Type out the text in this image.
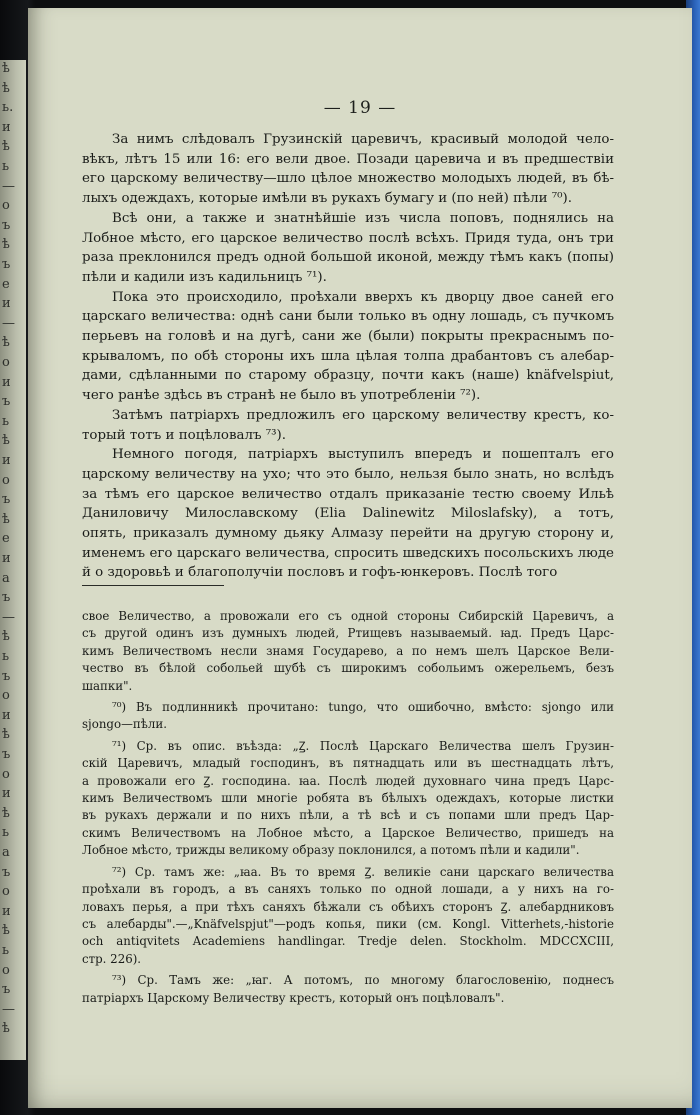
ѣ
ѣ
ь.
и
ѣ
ь
—
о
ъ
ѣ
ъ
е
и
—
ѣ
о
и
ъ
ь
ѣ
и
о
ъ
ѣ
е
и
а
ъ
—
ѣ
ь
ъ
о
и
ѣ
ъ
о
и
ѣ
ь
а
ъ
о
и
ѣ
ь
о
ъ
—
ѣ
— 19 —
За нимъ слѣдовалъ Грузинскій царевичъ, красивый молодой чело-
вѣкъ, лѣтъ 15 или 16: его вели двое. Позади царевича и въ предшествіи
его царскому величеству—шло цѣлое множество молодыхъ людей, въ бѣ-
лыхъ одеждахъ, которые имѣли въ рукахъ бумагу и (по ней) пѣли ⁷⁰).
Всѣ они, а также и знатнѣйшіе изъ числа поповъ, поднялись на
Лобное мѣсто, его царское величество послѣ всѣхъ. Придя туда, онъ три
раза преклонился предъ одной большой иконой, между тѣмъ какъ (попы)
пѣли и кадили изъ кадильницъ ⁷¹).
Пока это происходило, проѣхали вверхъ къ дворцу двое саней его
царскаго величества: однѣ сани были только въ одну лошадь, съ пучкомъ
перьевъ на головѣ и на дугѣ, сани же (были) покрыты прекраснымъ по-
крываломъ, по обѣ стороны ихъ шла цѣлая толпа драбантовъ съ алебар-
дами, сдѣланными по старому образцу, почти какъ (наше) knäfvelspiut,
чего ранѣе здѣсь въ странѣ не было въ употребленіи ⁷²).
Затѣмъ патріархъ предложилъ его царскому величеству крестъ, ко-
торый тотъ и поцѣловалъ ⁷³).
Немного погодя, патріархъ выступилъ впередъ и пошепталъ его
царскому величеству на ухо; что это было, нельзя было знать, но вслѣдъ
за тѣмъ его царское величество отдалъ приказаніе тестю своему Ильѣ
Даниловичу Милославскому (Elia Dalinewitz Miloslafsky), а тотъ,
опять, приказалъ думному дьяку Алмазу перейти на другую сторону и,
именемъ его царскаго величества, спросить шведскихъ посольскихъ люде
й о здоровьѣ и благополучіи пословъ и гофъ-юнкеровъ. Послѣ того
свое Величество, а провожали его съ одной стороны Сибирскій Царевичъ, а
съ другой одинъ изъ думныхъ людей, Ртищевъ называемый. ꙗд. Предъ Царс-
кимъ Величествомъ несли знамя Государево, а по немъ шелъ Царское Вели-
чество въ бѣлой собольей шубѣ съ широкимъ собольимъ ожерельемъ, безъ
шапки".
⁷⁰) Въ подлинникѣ прочитано: tungo, что ошибочно, вмѣсто: sjongo или
sjongo—пѣли.
⁷¹) Ср. въ опис. въѣзда: „Ꙁ. Послѣ Царскаго Величества шелъ Грузин-
скій Царевичъ, младый господинъ, въ пятнадцать или въ шестнадцать лѣтъ,
а провожали его Ꙁ. господина. ꙗа. Послѣ людей духовнаго чина предъ Царс-
кимъ Величествомъ шли многіе робята въ бѣлыхъ одеждахъ, которые листки
въ рукахъ держали и по нихъ пѣли, а тѣ всѣ и съ попами шли предъ Цар-
скимъ Величествомъ на Лобное мѣсто, а Царское Величество, пришедъ на
Лобное мѣсто, трижды великому образу поклонился, а потомъ пѣли и кадили".
⁷²) Ср. тамъ же: „ꙗа. Въ то время Ꙁ. великіе сани царскаго величества
проѣхали въ городъ, а въ саняхъ только по одной лошади, а у нихъ на го-
ловахъ перья, а при тѣхъ саняхъ бѣжали съ обѣихъ сторонъ Ꙁ. алебардниковъ
съ алебарды".—„Knäfvelspjut"—родъ копья, пики (см. Kongl. Vitterhets,-historie
och antiqvitets Academiens handlingar. Tredje delen. Stockholm. MDCCXCIII,
стр. 226).
⁷³) Ср. Тамъ же: „ꙗг. А потомъ, по многому благословенію, поднесъ
патріархъ Царскому Величеству крестъ, который онъ поцѣловалъ".
